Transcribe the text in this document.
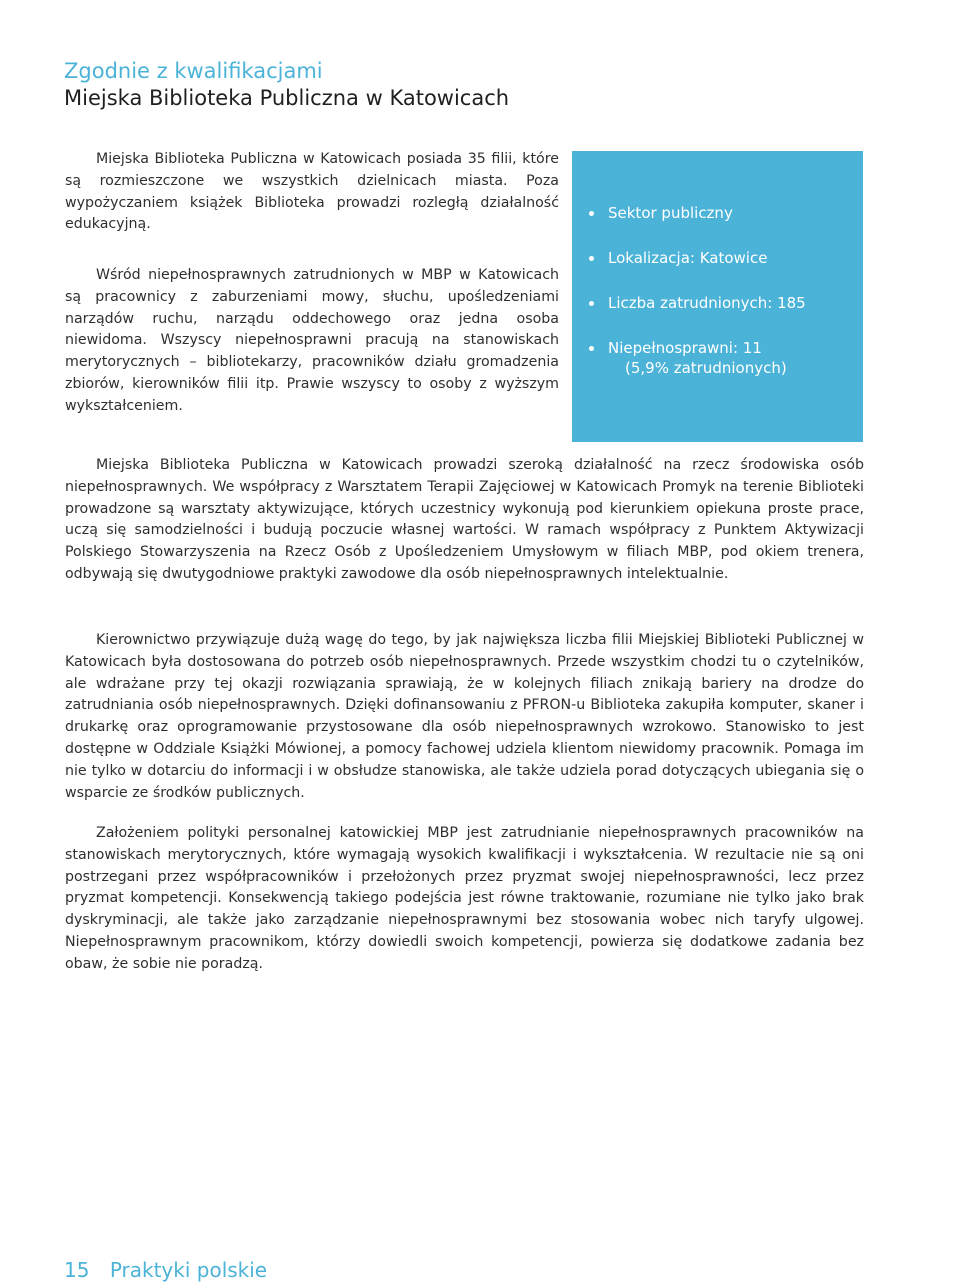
Zgodnie z kwalifikacjami
Miejska Biblioteka Publiczna w Katowicach

Miejska Biblioteka Publiczna w Katowicach posiada 35 filii, które są rozmieszczone we wszystkich dzielnicach miasta. Poza wypożyczaniem książek Biblioteka prowadzi rozległą działalność edukacyjną.

Wśród niepełnosprawnych zatrudnionych w MBP w Katowicach są pracownicy z zaburzeniami mowy, słuchu, upośledzeniami narządów ruchu, narządu oddechowego oraz jedna osoba niewidoma. Wszyscy niepełnosprawni pracują na stanowiskach merytorycznych – bibliotekarzy, pracowników działu gromadzenia zbiorów, kierowników filii itp. Prawie wszyscy to osoby z wyższym wykształceniem.

Sektor publiczny
Lokalizacja: Katowice
Liczba zatrudnionych: 185
Niepełnosprawni: 11
(5,9% zatrudnionych)

Miejska Biblioteka Publiczna w Katowicach prowadzi szeroką działalność na rzecz środowiska osób niepełnosprawnych. We współpracy z Warsztatem Terapii Zajęciowej w Katowicach Promyk na terenie Biblioteki prowadzone są warsztaty aktywizujące, których uczestnicy wykonują pod kierunkiem opiekuna proste prace, uczą się samodzielności i budują poczucie własnej wartości. W ramach współpracy z Punktem Aktywizacji Polskiego Stowarzyszenia na Rzecz Osób z Upośledzeniem Umysłowym w filiach MBP, pod okiem trenera, odbywają się dwutygodniowe praktyki zawodowe dla osób niepełnosprawnych intelektualnie.

Kierownictwo przywiązuje dużą wagę do tego, by jak największa liczba filii Miejskiej Biblioteki Publicznej w Katowicach była dostosowana do potrzeb osób niepełnosprawnych. Przede wszystkim chodzi tu o czytelników, ale wdrażane przy tej okazji rozwiązania sprawiają, że w kolejnych filiach znikają bariery na drodze do zatrudniania osób niepełnosprawnych. Dzięki dofinansowaniu z PFRON-u Biblioteka zakupiła komputer, skaner i drukarkę oraz oprogramowanie przystosowane dla osób niepełnosprawnych wzrokowo. Stanowisko to jest dostępne w Oddziale Książki Mówionej, a pomocy fachowej udziela klientom niewidomy pracownik. Pomaga im nie tylko w dotarciu do informacji i w obsłudze stanowiska, ale także udziela porad dotyczących ubiegania się o wsparcie ze środków publicznych.

Założeniem polityki personalnej katowickiej MBP jest zatrudnianie niepełnosprawnych pracowników na stanowiskach merytorycznych, które wymagają wysokich kwalifikacji i wykształcenia. W rezultacie nie są oni postrzegani przez współpracowników i przełożonych przez pryzmat swojej niepełnosprawności, lecz przez pryzmat kompetencji. Konsekwencją takiego podejścia jest równe traktowanie, rozumiane nie tylko jako brak dyskryminacji, ale także jako zarządzanie niepełnosprawnymi bez stosowania wobec nich taryfy ulgowej. Niepełnosprawnym pracownikom, którzy dowiedli swoich kompetencji, powierza się dodatkowe zadania bez obaw, że sobie nie poradzą.

15 Praktyki polskie
